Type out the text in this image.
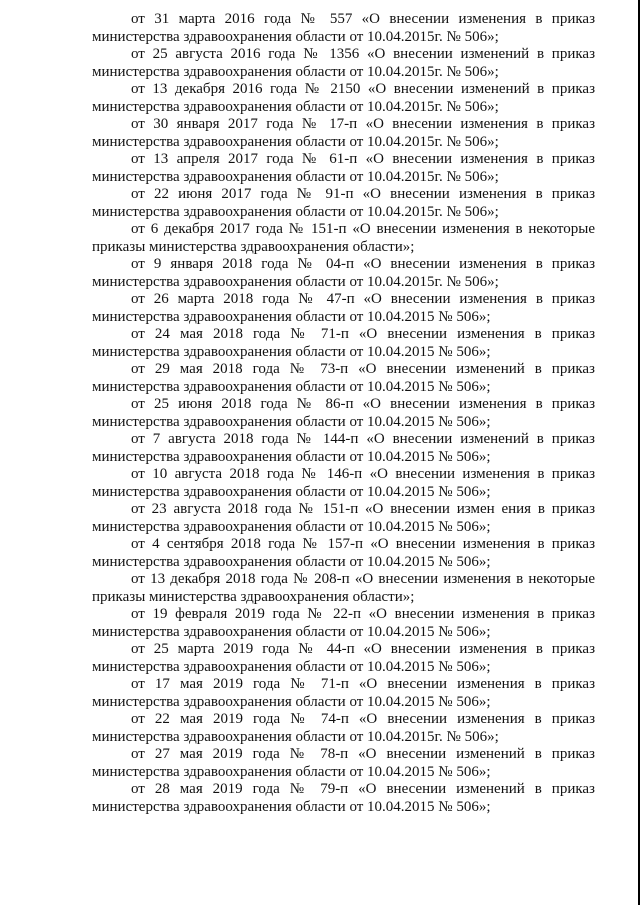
от 31 марта 2016 года № 557 «О внесении изменения в приказ
министерства здравоохранения области от 10.04.2015г. № 506»;

от 25 августа 2016 года № 1356 «О внесении изменений в приказ
министерства здравоохранения области от 10.04.2015г. № 506»;

от 13 декабря 2016 года № 2150 «О внесении изменений в приказ
министерства здравоохранения области от 10.04.2015г. № 506»;

от 30 января 2017 года № 17-п «О внесении изменения в приказ
министерства здравоохранения области от 10.04.2015г. № 506»;

от 13 апреля 2017 года № 61-п «О внесении изменения в приказ
министерства здравоохранения области от 10.04.2015г. № 506»;

от 22 июня 2017 года № 91-п «О внесении изменения в приказ
министерства здравоохранения области от 10.04.2015г. № 506»;

от 6 декабря 2017 года № 151-п «О внесении изменения в некоторые
приказы министерства здравоохранения области»;

от 9 января 2018 года № 04-п «О внесении изменения в приказ
министерства здравоохранения области от 10.04.2015г. № 506»;

от 26 марта 2018 года № 47-п «О внесении изменения в приказ
министерства здравоохранения области от 10.04.2015 № 506»;

от 24 мая 2018 года № 71-п «О внесении изменения в приказ
министерства здравоохранения области от 10.04.2015 № 506»;

от 29 мая 2018 года № 73-п «О внесении изменений в приказ
министерства здравоохранения области от 10.04.2015 № 506»;

от 25 июня 2018 года № 86-п «О внесении изменения в приказ
министерства здравоохранения области от 10.04.2015 № 506»;

от 7 августа 2018 года № 144-п «О внесении изменений в приказ
министерства здравоохранения области от 10.04.2015 № 506»;

от 10 августа 2018 года № 146-п «О внесении изменения в приказ
министерства здравоохранения области от 10.04.2015 № 506»;

от 23 августа 2018 года № 151-п «О внесении измен ения в приказ
министерства здравоохранения области от 10.04.2015 № 506»;

от 4 сентября 2018 года № 157-п «О внесении изменения в приказ
министерства здравоохранения области от 10.04.2015 № 506»;

от 13 декабря 2018 года № 208-п «О внесении изменения в некоторые
приказы министерства здравоохранения области»;

от 19 февраля 2019 года № 22-п «О внесении изменения в приказ
министерства здравоохранения области от 10.04.2015 № 506»;

от 25 марта 2019 года № 44-п «О внесении изменения в приказ
министерства здравоохранения области от 10.04.2015 № 506»;

от 17 мая 2019 года № 71-п «О внесении изменения в приказ
министерства здравоохранения области от 10.04.2015 № 506»;

от 22 мая 2019 года № 74-п «О внесении изменения в приказ
министерства здравоохранения области от 10.04.2015г. № 506»;

от 27 мая 2019 года № 78-п «О внесении изменений в приказ
министерства здравоохранения области от 10.04.2015 № 506»;

от 28 мая 2019 года № 79-п «О внесении изменений в приказ
министерства здравоохранения области от 10.04.2015 № 506»;
